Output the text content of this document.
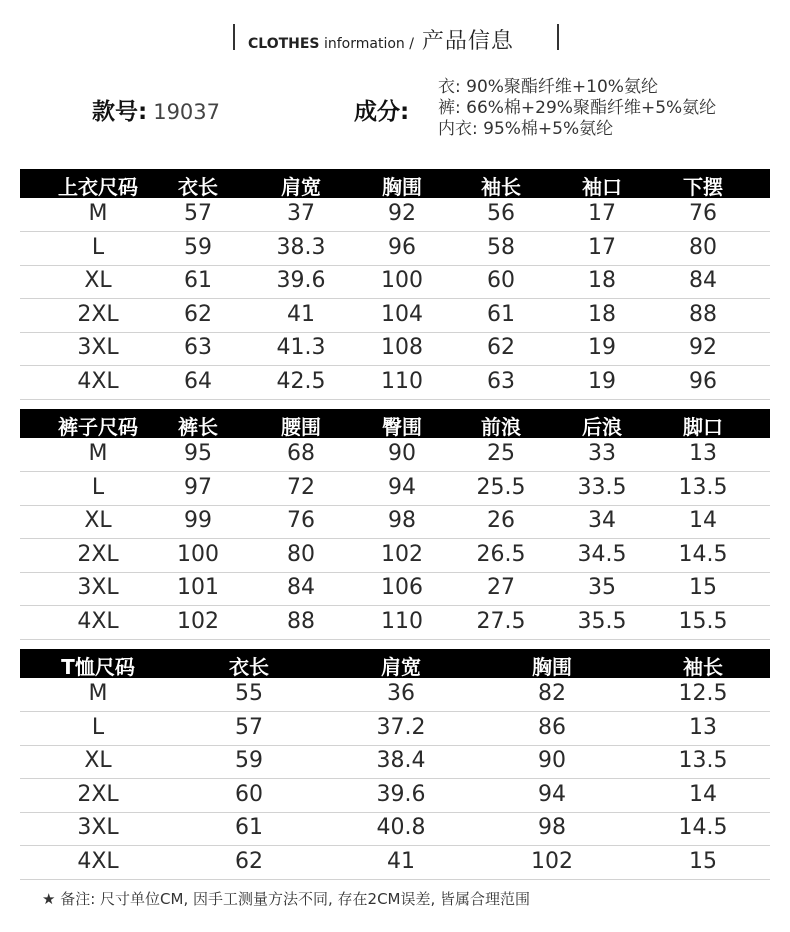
CLOTHES information / 产品信息
款号: 19037	成分:
衣: 90%聚酯纤维+10%氨纶
裤: 66%棉+29%聚酯纤维+5%氨纶
内衣: 95%棉+5%氨纶
上衣尺码 衣长	肩宽	胸围	袖长	袖口	下摆
M	57	37	92	56	17	76
L	59	38.3	96	58	17	80
XL	61	39.6	100	60	18	84
2XL	62	41	104	61	18	88
3XL	63	41.3	108	62	19	92
4XL	64	42.5	110	63	19	96
裤子尺码 裤长	腰围	臀围	前浪	后浪	脚口
M	95	68	90	25	33	13
L	97	72	94	25.5 33.5 13.5
XL	99	76	98	26	34	14
2XL	100	80	102 26.5 34.5 14.5
3XL	101	84	106	27	35	15
4XL	102	88	110 27.5 35.5 15.5
T恤尺码	衣长	肩宽	胸围	袖长
M	55	36	82	12.5
L	57	37.2	86	13
XL	59	38.4	90	13.5
2XL	60	39.6	94	14
3XL	61	40.8	98	14.5
4XL	62	41	102	15
★ 备注: 尺寸单位CM, 因手工测量方法不同, 存在2CM误差, 皆属合理范围
